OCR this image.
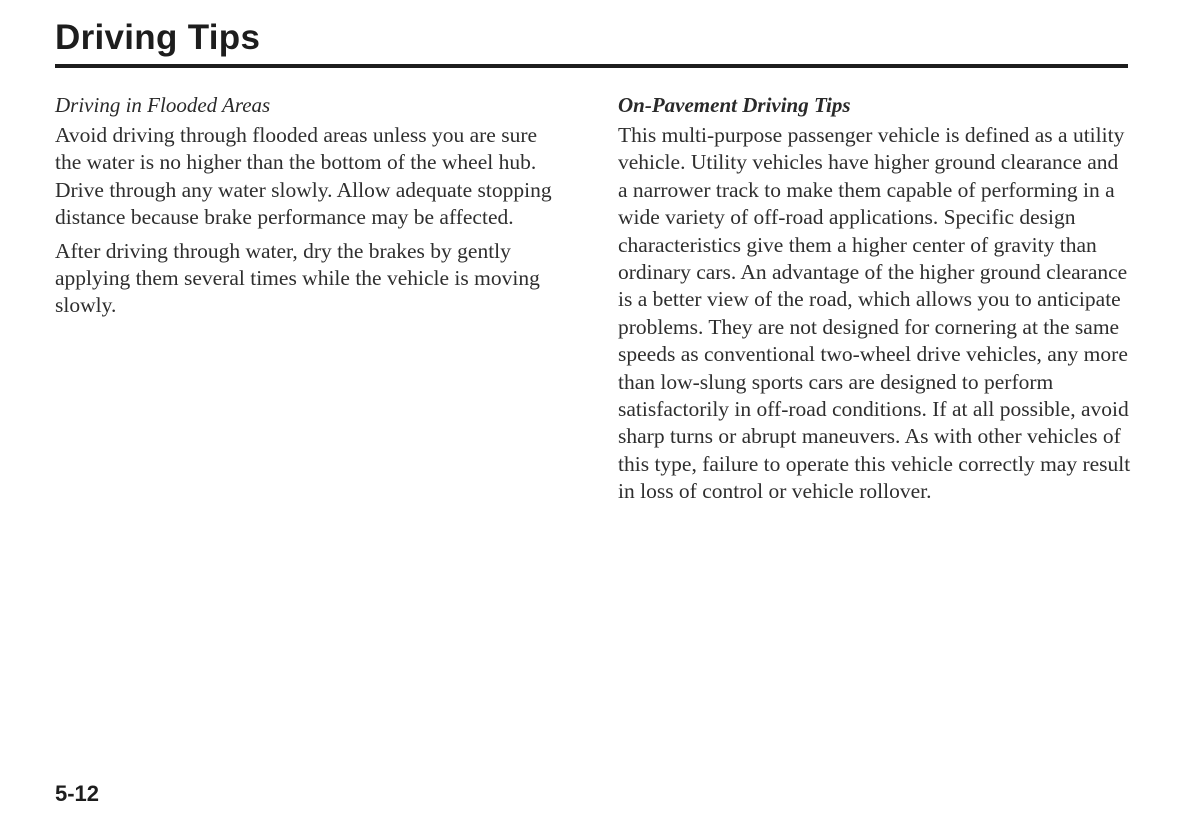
Driving Tips
Driving in Flooded Areas

Avoid driving through flooded areas unless you are sure the water is no higher than the bottom of the wheel hub. Drive through any water slowly. Allow adequate stopping distance because brake performance may be affected.

After driving through water, dry the brakes by gently applying them several times while the vehicle is moving slowly.

On-Pavement Driving Tips

This multi-purpose passenger vehicle is defined as a utility vehicle. Utility vehicles have higher ground clearance and a narrower track to make them capable of performing in a wide variety of off-road applications. Specific design characteristics give them a higher center of gravity than ordinary cars. An advantage of the higher ground clearance is a better view of the road, which allows you to anticipate problems. They are not designed for cornering at the same speeds as conventional two-wheel drive vehicles, any more than low-slung sports cars are designed to perform satisfactorily in off-road conditions. If at all possible, avoid sharp turns or abrupt maneuvers. As with other vehicles of this type, failure to operate this vehicle correctly may result in loss of control or vehicle rollover.

5-12
